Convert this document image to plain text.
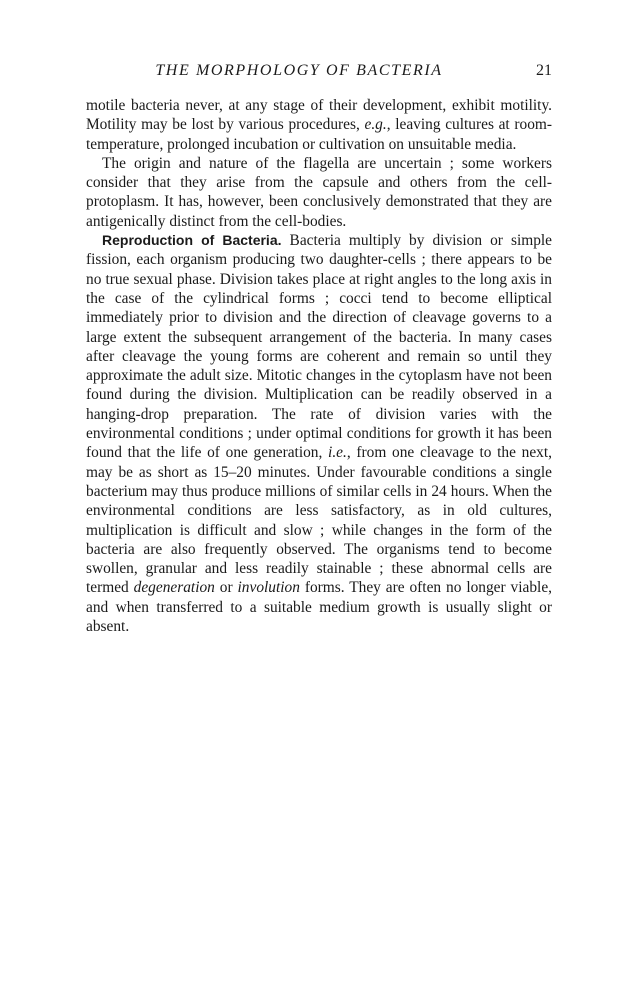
THE MORPHOLOGY OF BACTERIA	21

motile bacteria never, at any stage of their development, exhibit motility. Motility may be lost by various procedures, e.g., leaving cultures at room-temperature, prolonged incubation or cultivation on unsuitable media.

The origin and nature of the flagella are uncertain ; some workers consider that they arise from the capsule and others from the cell-protoplasm. It has, however, been conclusively demonstrated that they are antigenically distinct from the cell-bodies.

Reproduction of Bacteria. Bacteria multiply by division or simple fission, each organism producing two daughter-cells ; there appears to be no true sexual phase. Division takes place at right angles to the long axis in the case of the cylindrical forms ; cocci tend to become elliptical immediately prior to division and the direction of cleavage governs to a large extent the subsequent arrangement of the bacteria. In many cases after cleavage the young forms are coherent and remain so until they approximate the adult size. Mitotic changes in the cytoplasm have not been found during the division. Multiplication can be readily observed in a hanging-drop preparation. The rate of division varies with the environmental conditions ; under optimal conditions for growth it has been found that the life of one generation, i.e., from one cleavage to the next, may be as short as 15–20 minutes. Under favourable conditions a single bacterium may thus produce millions of similar cells in 24 hours. When the environmental conditions are less satisfactory, as in old cultures, multiplication is difficult and slow ; while changes in the form of the bacteria are also frequently observed. The organisms tend to become swollen, granular and less readily stainable ; these abnormal cells are termed degeneration or involution forms. They are often no longer viable, and when transferred to a suitable medium growth is usually slight or absent.
